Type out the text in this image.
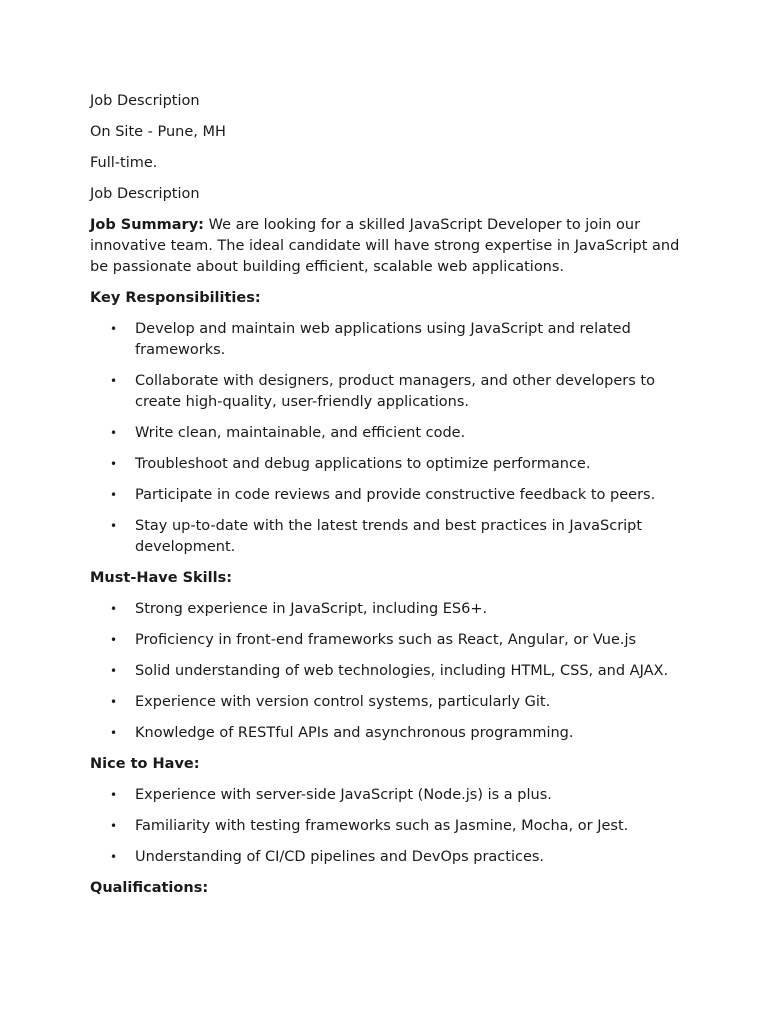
Job Description

On Site - Pune, MH

Full-time.

Job Description

Job Summary: We are looking for a skilled JavaScript Developer to join our innovative team. The ideal candidate will have strong expertise in JavaScript and be passionate about building efficient, scalable web applications.

Key Responsibilities:

• Develop and maintain web applications using JavaScript and related frameworks.
• Collaborate with designers, product managers, and other developers to create high-quality, user-friendly applications.
• Write clean, maintainable, and efficient code.
• Troubleshoot and debug applications to optimize performance.
• Participate in code reviews and provide constructive feedback to peers.
• Stay up-to-date with the latest trends and best practices in JavaScript development.

Must-Have Skills:

• Strong experience in JavaScript, including ES6+.
• Proficiency in front-end frameworks such as React, Angular, or Vue.js
• Solid understanding of web technologies, including HTML, CSS, and AJAX.
• Experience with version control systems, particularly Git.
• Knowledge of RESTful APIs and asynchronous programming.

Nice to Have:

• Experience with server-side JavaScript (Node.js) is a plus.
• Familiarity with testing frameworks such as Jasmine, Mocha, or Jest.
• Understanding of CI/CD pipelines and DevOps practices.

Qualifications:
